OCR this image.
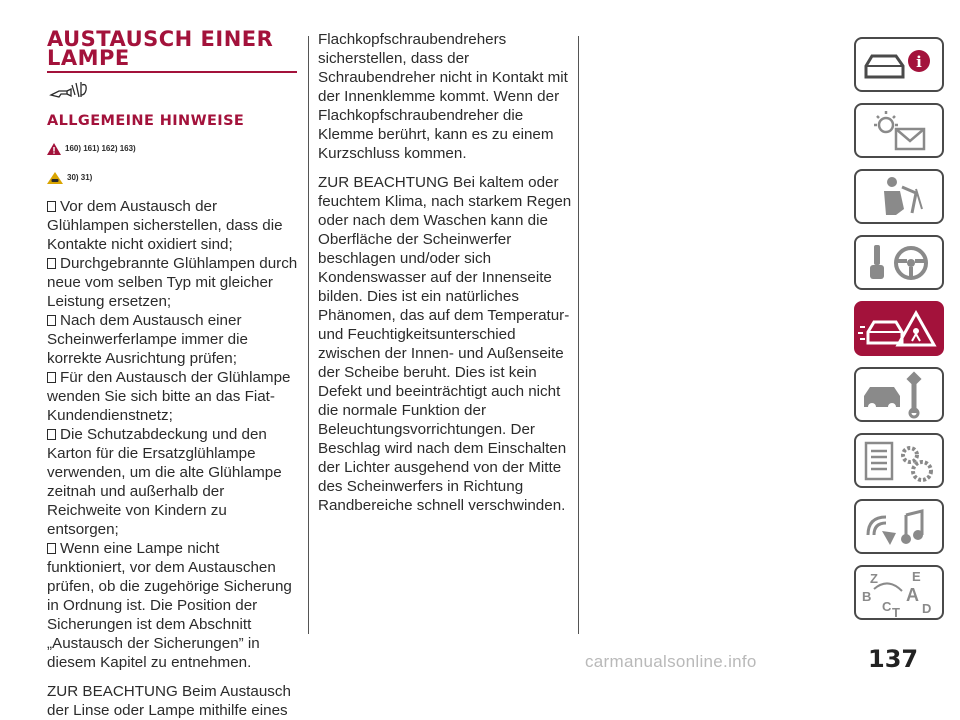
AUSTAUSCH EINER
LAMPE
ALLGEMEINE HINWEISE
160) 161) 162) 163)
30) 31)

Vor dem Austausch der Glühlampen sicherstellen, dass die Kontakte nicht oxidiert sind;

Durchgebrannte Glühlampen durch neue vom selben Typ mit gleicher Leistung ersetzen;

Nach dem Austausch einer Scheinwerferlampe immer die korrekte Ausrichtung prüfen;

Für den Austausch der Glühlampe wenden Sie sich bitte an das Fiat-Kundendienstnetz;

Die Schutzabdeckung und den Karton für die Ersatzglühlampe verwenden, um die alte Glühlampe zeitnah und außerhalb der Reichweite von Kindern zu entsorgen;

Wenn eine Lampe nicht funktioniert, vor dem Austauschen prüfen, ob die zugehörige Sicherung in Ordnung ist. Die Position der Sicherungen ist dem Abschnitt „Austausch der Sicherungen” in diesem Kapitel zu entnehmen.

ZUR BEACHTUNG Beim Austausch der Linse oder Lampe mithilfe eines

Flachkopfschraubendrehers sicherstellen, dass der Schraubendreher nicht in Kontakt mit der Innenklemme kommt. Wenn der Flachkopfschraubendreher die Klemme berührt, kann es zu einem Kurzschluss kommen.

ZUR BEACHTUNG Bei kaltem oder feuchtem Klima, nach starkem Regen oder nach dem Waschen kann die Oberfläche der Scheinwerfer beschlagen und/oder sich Kondenswasser auf der Innenseite bilden. Dies ist ein natürliches Phänomen, das auf dem Temperatur- und Feuchtigkeitsunterschied zwischen der Innen- und Außenseite der Scheibe beruht. Dies ist kein Defekt und beeinträchtigt auch nicht die normale Funktion der Beleuchtungsvorrichtungen. Der Beschlag wird nach dem Einschalten der Lichter ausgehend von der Mitte des Scheinwerfers in Richtung Randbereiche schnell verschwinden.

i
Z	E
B A
C T D
carmanualsonline.info	137
